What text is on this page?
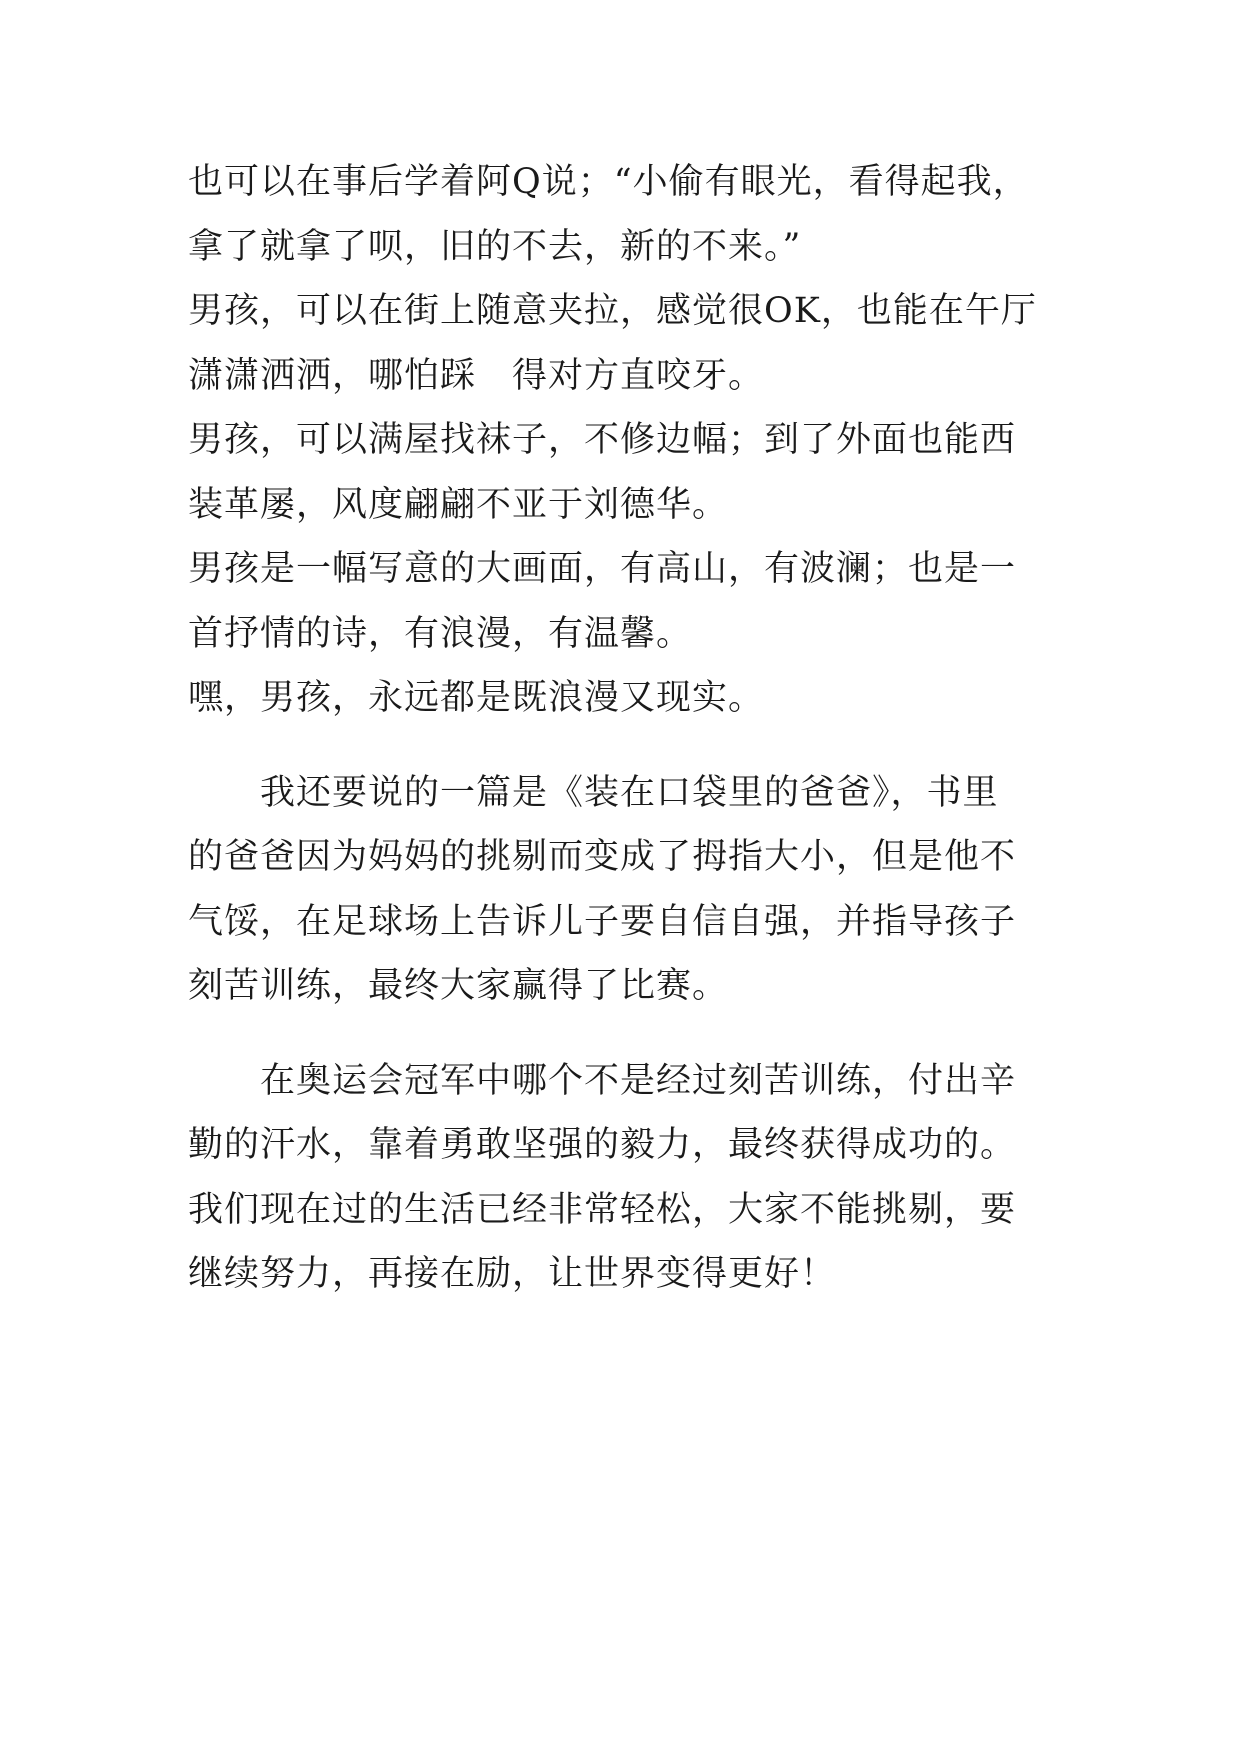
也可以在事后学着阿Q说；“小偷有眼光，看得起我，
拿了就拿了呗，旧的不去，新的不来。”
男孩，可以在街上随意夹拉，感觉很OK，也能在午厅
潇潇洒洒，哪怕踩　得对方直咬牙。
男孩，可以满屋找袜子，不修边幅；到了外面也能西
装革屡，风度翩翩不亚于刘德华。
男孩是一幅写意的大画面，有高山，有波澜；也是一
首抒情的诗，有浪漫，有温馨。
嘿，男孩，永远都是既浪漫又现实。
　　我还要说的一篇是《装在口袋里的爸爸》，书里
的爸爸因为妈妈的挑剔而变成了拇指大小，但是他不
气馁，在足球场上告诉儿子要自信自强，并指导孩子
刻苦训练，最终大家赢得了比赛。
　　在奥运会冠军中哪个不是经过刻苦训练，付出辛
勤的汗水，靠着勇敢坚强的毅力，最终获得成功的。
我们现在过的生活已经非常轻松，大家不能挑剔，要
继续努力，再接在励，让世界变得更好！
